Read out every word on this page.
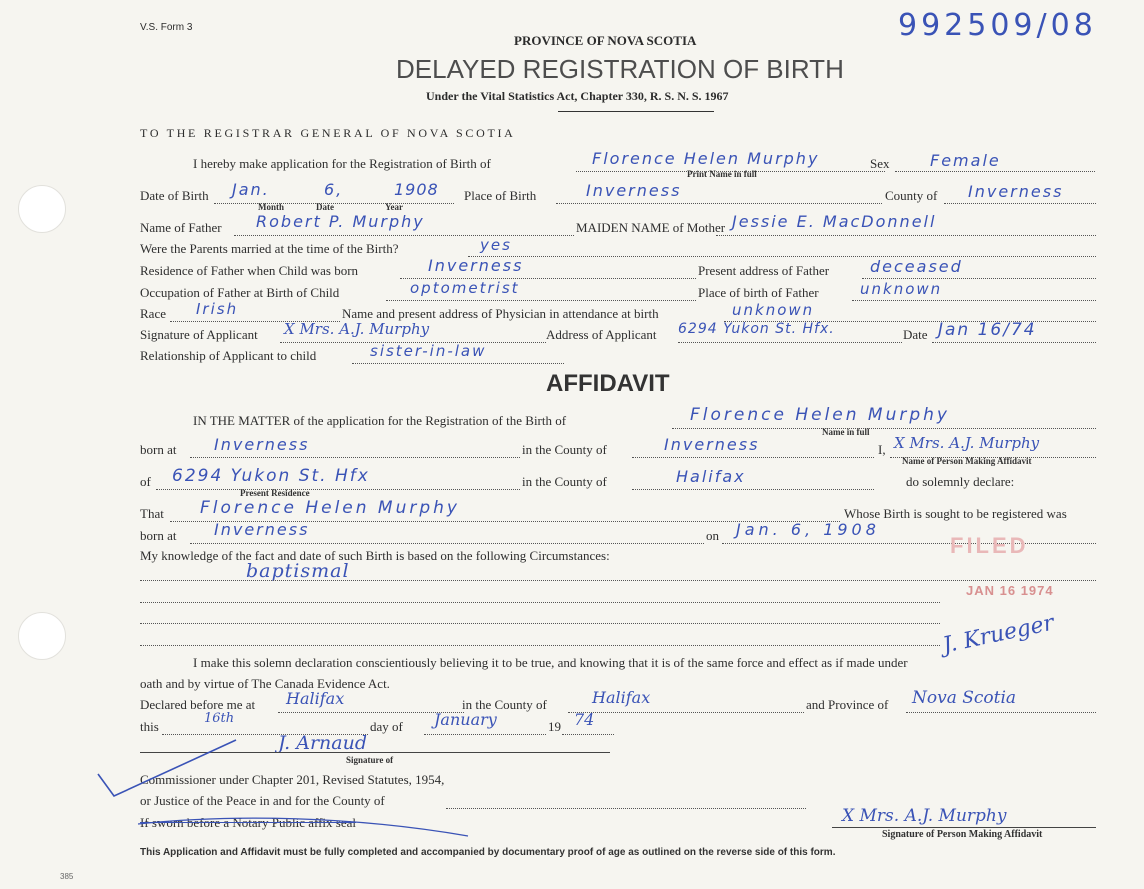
V.S. Form 3	992509/08
PROVINCE OF NOVA SCOTIA
DELAYED REGISTRATION OF BIRTH
Under the Vital Statistics Act, Chapter 330, R. S. N. S. 1967
TO THE REGISTRAR GENERAL OF NOVA SCOTIA
I hereby make application for the Registration of Birth of	Florence Helen Murphy
Print Name in full
Sex	Female
Date of Birth Jan.	6,	1908
Month	Date	Year
Place of Birth	Inverness	County of Inverness
Name of Father Robert P. Murphy	MAIDEN NAME of Mother Jessie E. MacDonnell
Were the Parents married at the time of the Birth?	yes
Residence of Father when Child was born	Inverness	Present address of Father	deceased
Occupation of Father at Birth of Child	optometrist	Place of birth of Father	unknown
Race Irish	Name and present address of Physician in attendance at birth	unknown
Signature of Applicant X Mrs. A.J. Murphy	Address of Applicant 6294 Yukon St. Hfx.	Date Jan 16/74
Relationship of Applicant to child	sister-in-law
AFFIDAVIT
IN THE MATTER of the application for the Registration of the Birth of	Florence Helen Murphy
Name in full
born at Inverness	in the County of	Inverness	I, X Mrs. A.J. Murphy
Name of Person Making Affidavit
of 6294 Yukon St. Hfx
Present Residence
in the County of	Halifax	do solemnly declare:
That Florence Helen Murphy	Whose Birth is sought to be registered was
born at Inverness	on Jan. 6, 1908
My knowledge of the fact and date of such Birth is based on the following Circumstances:
baptismal
FILED
JAN 16 1974
J. Krueger
I make this solemn declaration conscientiously believing it to be true, and knowing that it is of the same force and effect as if made under
oath and by virtue of The Canada Evidence Act.
Declared before me at Halifax	in the County of	Halifax	and Province of Nova Scotia
this
16th
day of January	19 74
J. Arnaud
Signature of
Commissioner under Chapter 201, Revised Statutes, 1954,
or Justice of the Peace in and for the County of
If sworn before a Notary Public affix seal	X Mrs. A.J. Murphy
Signature of Person Making Affidavit
This Application and Affidavit must be fully completed and accompanied by documentary proof of age as outlined on the reverse side of this form.
385
